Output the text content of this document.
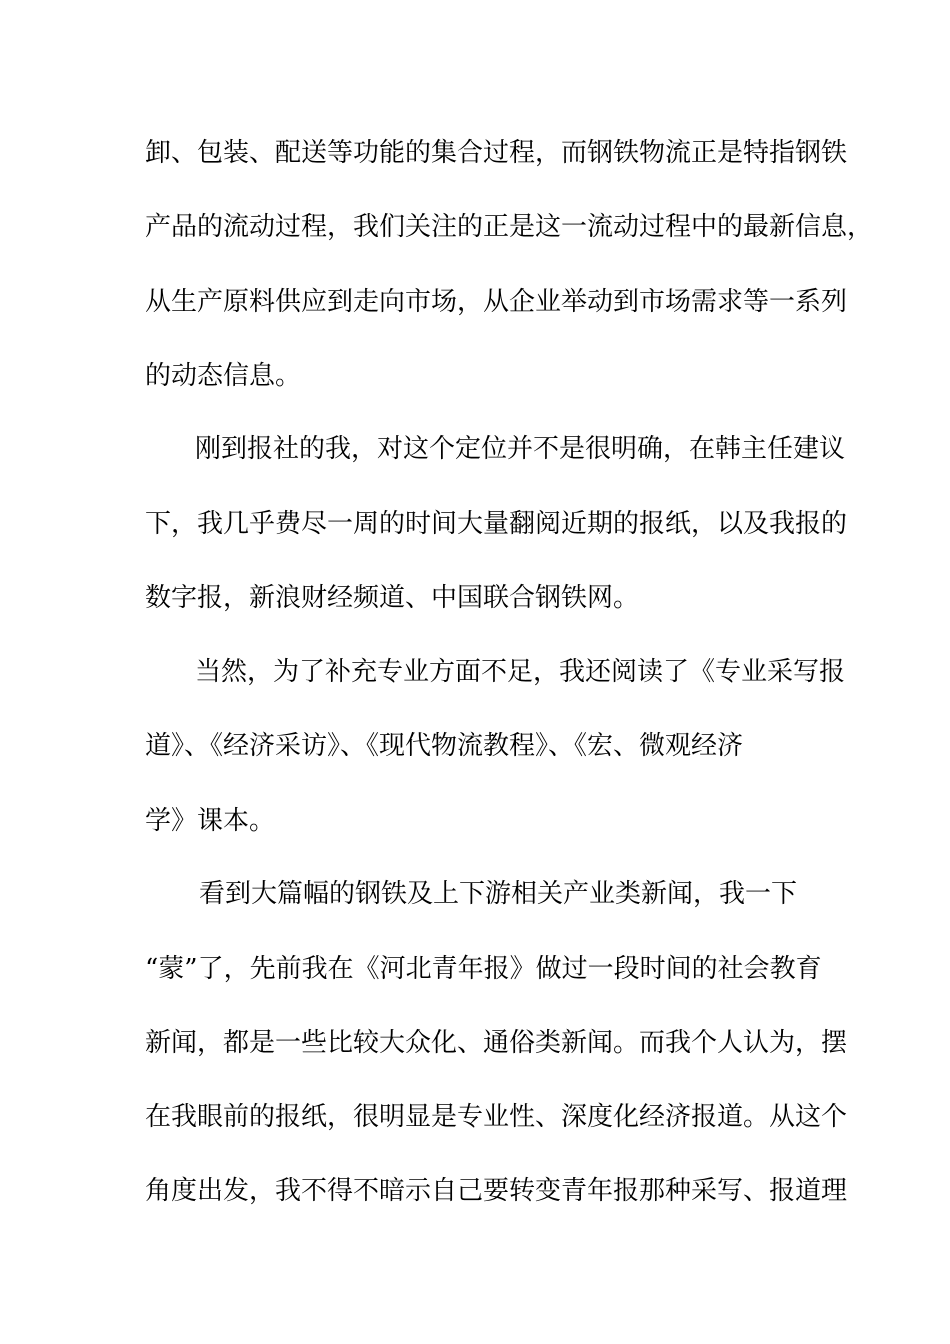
卸、包装、配送等功能的集合过程，而钢铁物流正是特指钢铁
产品的流动过程，我们关注的正是这一流动过程中的最新信息，
从生产原料供应到走向市场，从企业举动到市场需求等一系列
的动态信息。
刚到报社的我，对这个定位并不是很明确，在韩主任建议
下，我几乎费尽一周的时间大量翻阅近期的报纸，以及我报的
数字报，新浪财经频道、中国联合钢铁网。
当然，为了补充专业方面不足，我还阅读了《专业采写报
道》、《经济采访》、《现代物流教程》、《宏、微观经济
学》课本。
看到大篇幅的钢铁及上下游相关产业类新闻，我一下
“蒙”了，先前我在《河北青年报》做过一段时间的社会教育
新闻，都是一些比较大众化、通俗类新闻。而我个人认为，摆
在我眼前的报纸，很明显是专业性、深度化经济报道。从这个
角度出发，我不得不暗示自己要转变青年报那种采写、报道理
